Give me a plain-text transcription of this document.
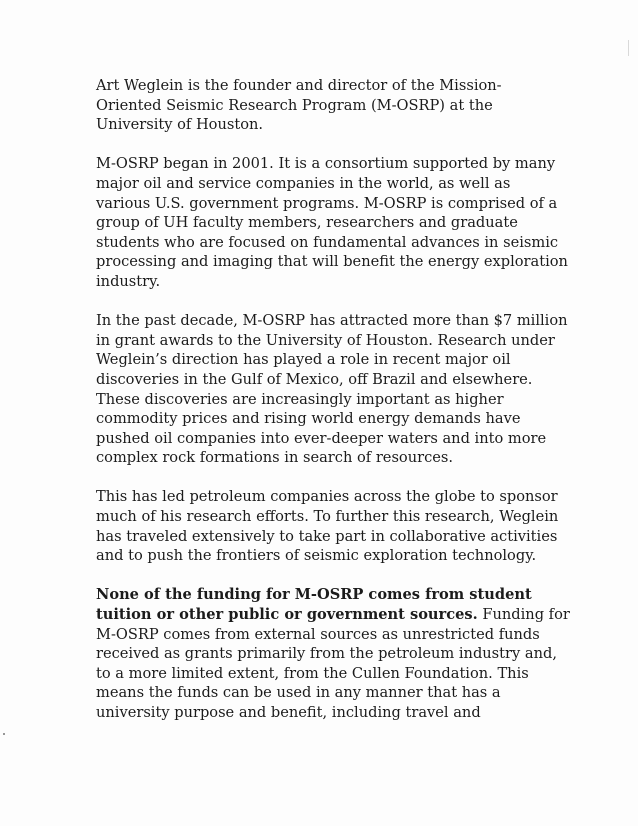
Art Weglein is the founder and director of the Mission-
Oriented Seismic Research Program (M-OSRP) at the
University of Houston.

M-OSRP began in 2001. It is a consortium supported by many
major oil and service companies in the world, as well as
various U.S. government programs. M-OSRP is comprised of a
group of UH faculty members, researchers and graduate
students who are focused on fundamental advances in seismic
processing and imaging that will benefit the energy exploration
industry.

In the past decade, M-OSRP has attracted more than $7 million
in grant awards to the University of Houston. Research under
Weglein’s direction has played a role in recent major oil
discoveries in the Gulf of Mexico, off Brazil and elsewhere.
These discoveries are increasingly important as higher
commodity prices and rising world energy demands have
pushed oil companies into ever-deeper waters and into more
complex rock formations in search of resources.

This has led petroleum companies across the globe to sponsor
much of his research efforts. To further this research, Weglein
has traveled extensively to take part in collaborative activities
and to push the frontiers of seismic exploration technology.

None of the funding for M-OSRP comes from student
tuition or other public or government sources. Funding for
M-OSRP comes from external sources as unrestricted funds
received as grants primarily from the petroleum industry and,
to a more limited extent, from the Cullen Foundation. This
means the funds can be used in any manner that has a
university purpose and benefit, including travel and
